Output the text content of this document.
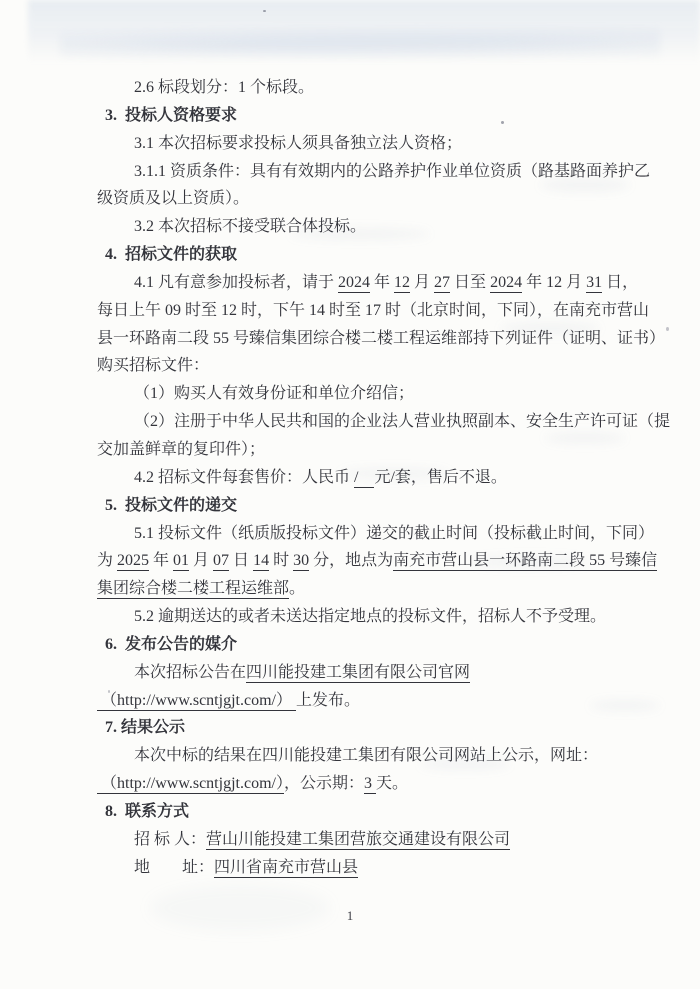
2.6 标段划分：1 个标段。
3.  投标人资格要求
3.1 本次招标要求投标人须具备独立法人资格；
3.1.1 资质条件：具有有效期内的公路养护作业单位资质（路基路面养护乙
级资质及以上资质）。
3.2 本次招标不接受联合体投标。
4.  招标文件的获取
4.1 凡有意参加投标者，请于 2024 年 12 月 27 日至 2024 年 12 月 31 日，
每日上午 09 时至 12 时，下午 14 时至 17 时（北京时间，下同），在南充市营山
县一环路南二段 55 号臻信集团综合楼二楼工程运维部持下列证件（证明、证书）
购买招标文件：
（1）购买人有效身份证和单位介绍信；
（2）注册于中华人民共和国的企业法人营业执照副本、安全生产许可证（提
交加盖鲜章的复印件）；
4.2 招标文件每套售价：人民币 /　元/套，售后不退。
5.  投标文件的递交
5.1 投标文件（纸质版投标文件）递交的截止时间（投标截止时间，下同）
为 2025 年 01 月 07 日 14 时 30 分，地点为南充市营山县一环路南二段 55 号臻信
集团综合楼二楼工程运维部。
5.2 逾期送达的或者未送达指定地点的投标文件，招标人不予受理。
6.  发布公告的媒介
本次招标公告在四川能投建工集团有限公司官网
（http://www.scntjgjt.com/） 上发布。
7. 结果公示
本次中标的结果在四川能投建工集团有限公司网站上公示，网址：
（http://www.scntjgjt.com/），公示期：3 天。
8.  联系方式
招 标 人：营山川能投建工集团营旅交通建设有限公司
地　　址：四川省南充市营山县
1
